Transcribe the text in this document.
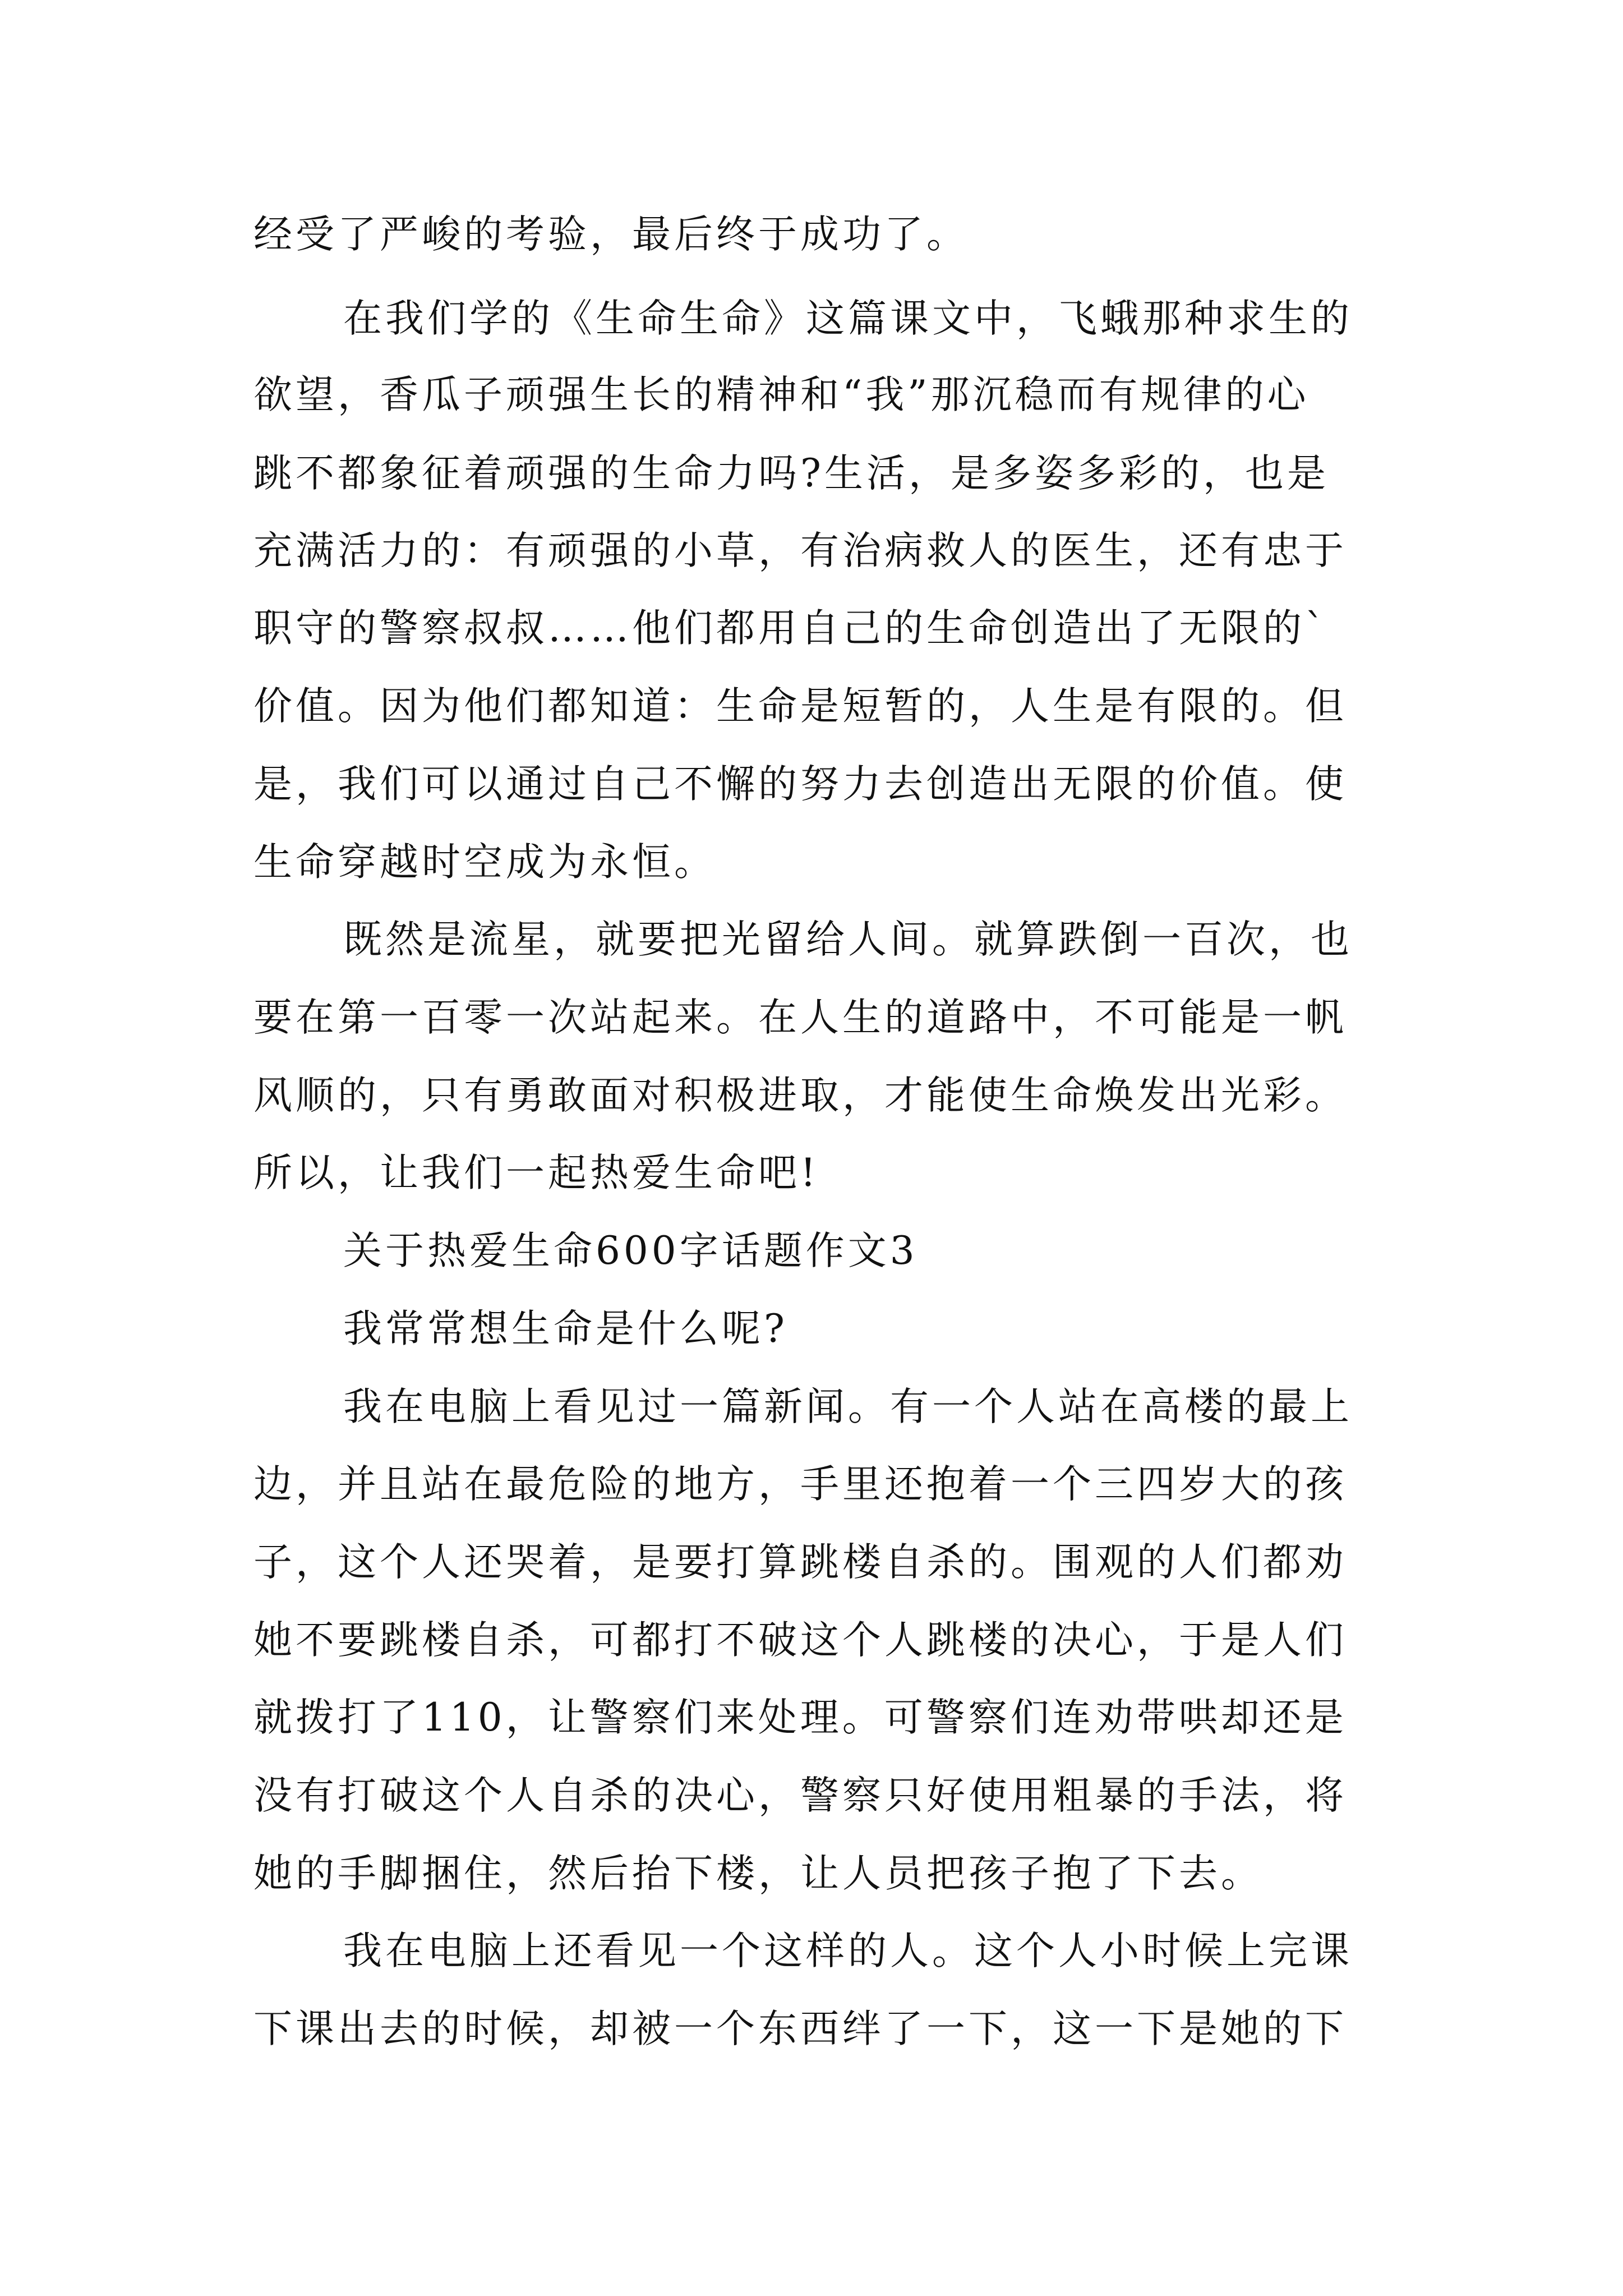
经受了严峻的考验，最后终于成功了。

在我们学的《生命生命》这篇课文中，飞蛾那种求生的

欲望，香瓜子顽强生长的精神和“我”那沉稳而有规律的心

跳不都象征着顽强的生命力吗?生活，是多姿多彩的，也是

充满活力的：有顽强的小草，有治病救人的医生，还有忠于

职守的警察叔叔……他们都用自己的生命创造出了无限的`

价值。因为他们都知道：生命是短暂的，人生是有限的。但

是，我们可以通过自己不懈的努力去创造出无限的价值。使

生命穿越时空成为永恒。

既然是流星，就要把光留给人间。就算跌倒一百次，也

要在第一百零一次站起来。在人生的道路中，不可能是一帆

风顺的，只有勇敢面对积极进取，才能使生命焕发出光彩。

所以，让我们一起热爱生命吧!

关于热爱生命600字话题作文3

我常常想生命是什么呢?

我在电脑上看见过一篇新闻。有一个人站在高楼的最上

边，并且站在最危险的地方，手里还抱着一个三四岁大的孩

子，这个人还哭着，是要打算跳楼自杀的。围观的人们都劝

她不要跳楼自杀，可都打不破这个人跳楼的决心，于是人们

就拨打了110，让警察们来处理。可警察们连劝带哄却还是

没有打破这个人自杀的决心，警察只好使用粗暴的手法，将

她的手脚捆住，然后抬下楼，让人员把孩子抱了下去。

我在电脑上还看见一个这样的人。这个人小时候上完课

下课出去的时候，却被一个东西绊了一下，这一下是她的下
